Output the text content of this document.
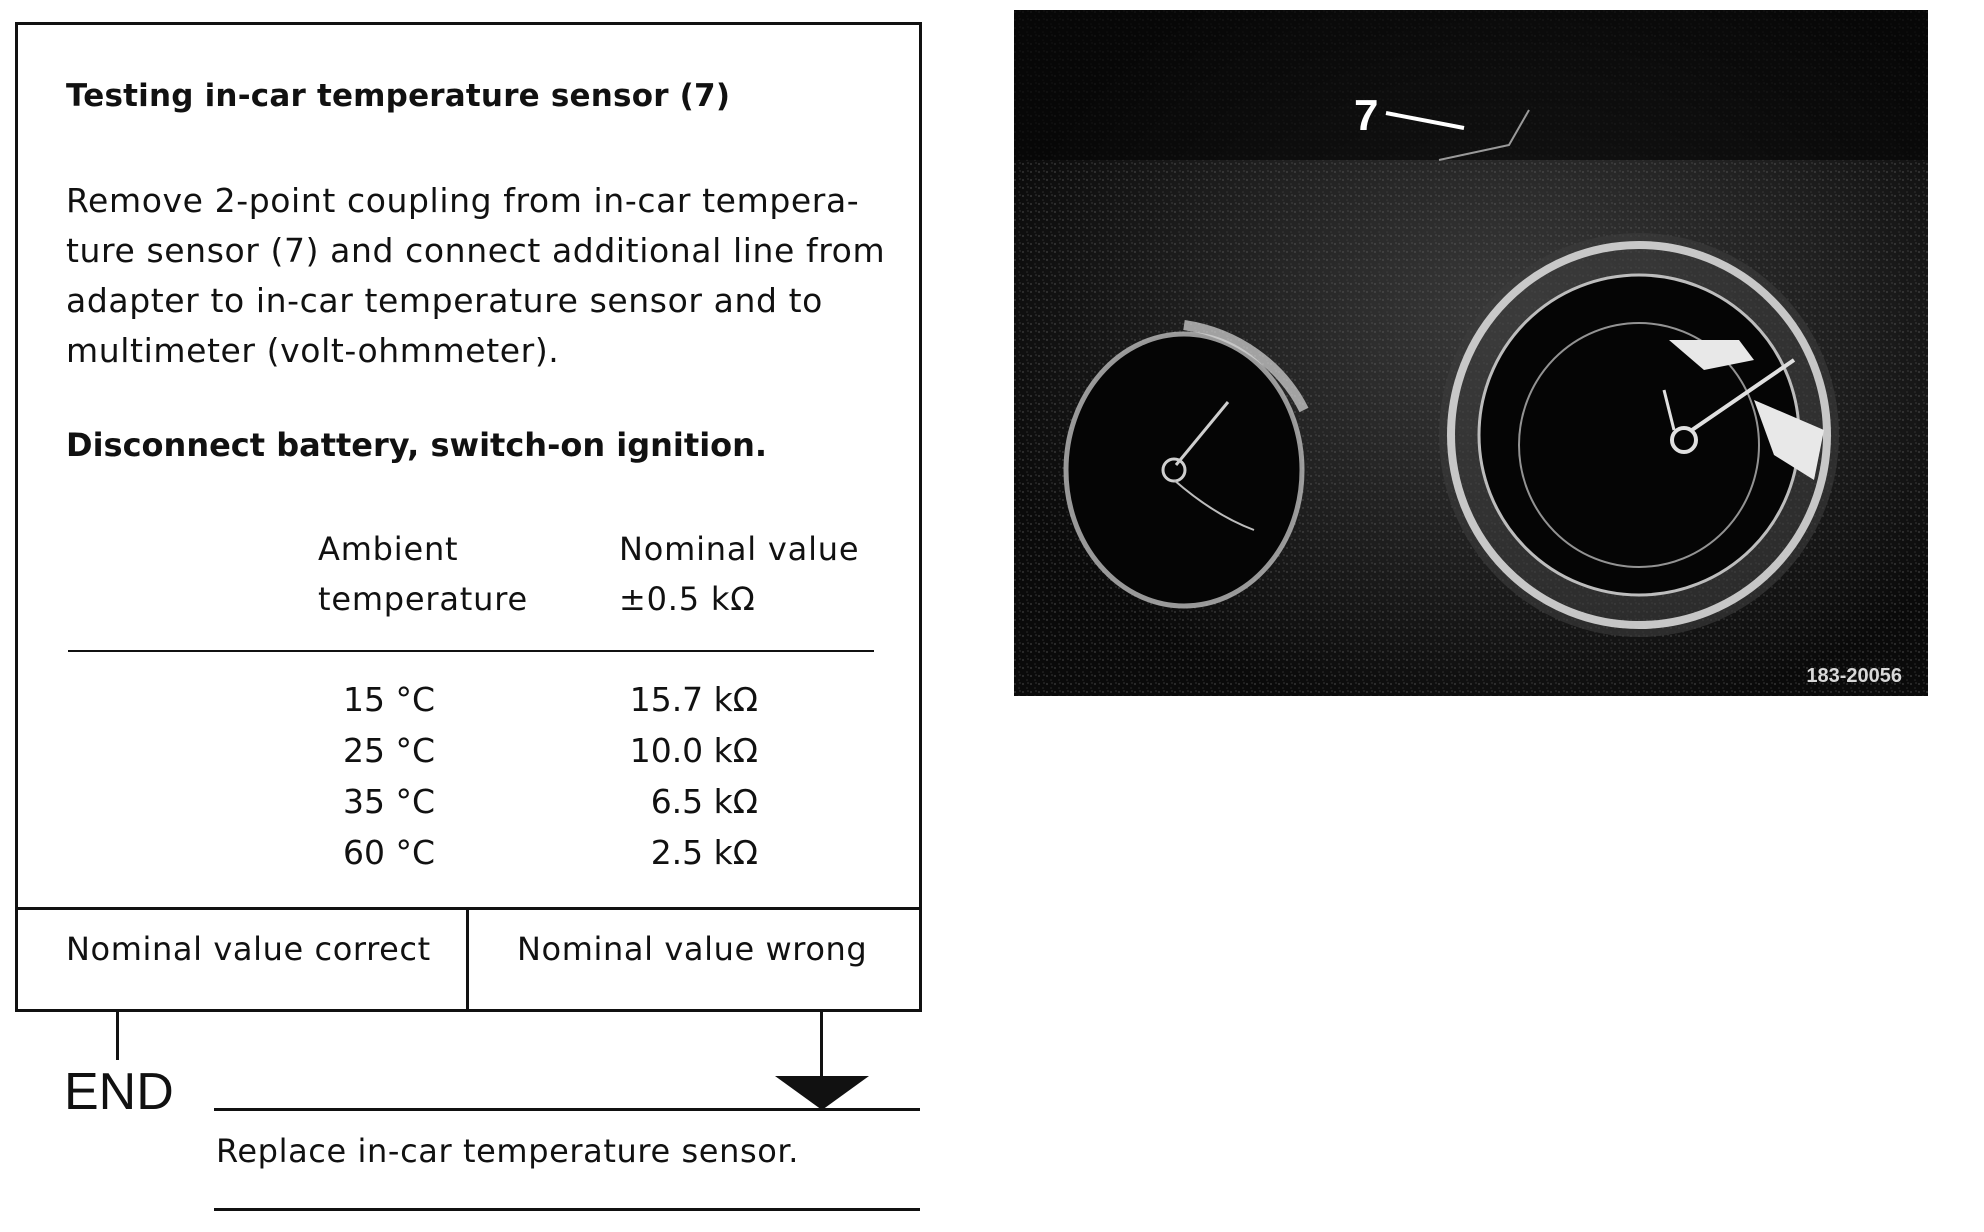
Testing in-car temperature sensor (7)
Remove 2-point coupling from in-car tempera-
ture sensor (7) and connect additional line from
adapter to in-car temperature sensor and to
multimeter (volt-ohmmeter).
Disconnect battery, switch-on ignition.
Ambient
temperature
Nominal value
±0.5 kΩ
15 °C
25 °C
35 °C
60 °C
15.7 kΩ
10.0 kΩ
6.5 kΩ
2.5 kΩ
Nominal value correct	Nominal value wrong
END
Replace in-car temperature sensor.
7
183-20056
